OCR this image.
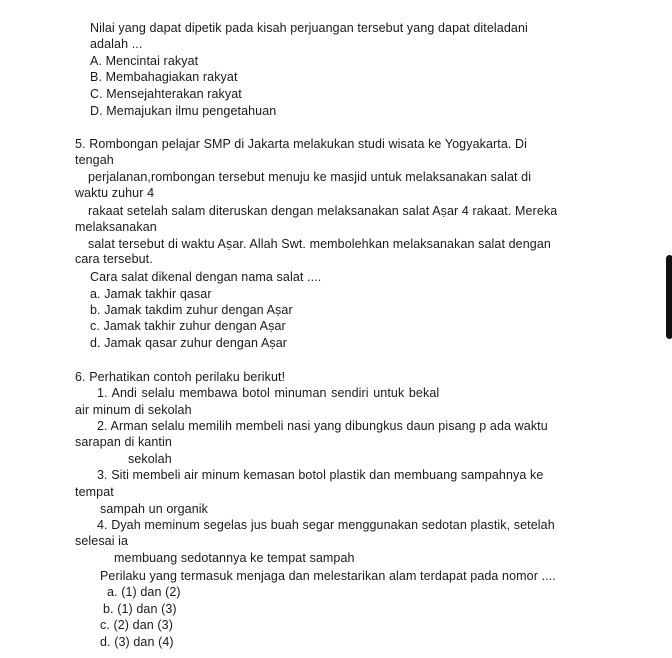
Nilai yang dapat dipetik pada kisah perjuangan tersebut yang dapat diteladani
adalah ...
A. Mencintai rakyat
B. Membahagiakan rakyat
C. Mensejahterakan rakyat
D. Memajukan ilmu pengetahuan
5. Rombongan pelajar SMP di Jakarta melakukan studi wisata ke Yogyakarta. Di
tengah
perjalanan,rombongan tersebut menuju ke masjid untuk melaksanakan salat di
waktu zuhur 4
rakaat setelah salam diteruskan dengan melaksanakan salat Aṣar 4 rakaat. Mereka
melaksanakan
salat tersebut di waktu Aṣar. Allah Swt. membolehkan melaksanakan salat dengan
cara tersebut.
Cara salat dikenal dengan nama salat ....
a. Jamak takhir qasar
b. Jamak takdim zuhur dengan Aṣar
c. Jamak takhir zuhur dengan Aṣar
d. Jamak qasar zuhur dengan Aṣar
6. Perhatikan contoh perilaku berikut!
1. Andi selalu membawa botol minuman sendiri untuk bekal
air minum di sekolah
2. Arman selalu memilih membeli nasi yang dibungkus daun pisang p ada waktu
sarapan di kantin
sekolah
3. Siti membeli air minum kemasan botol plastik dan membuang sampahnya ke
tempat
sampah un organik
4. Dyah meminum segelas jus buah segar menggunakan sedotan plastik, setelah
selesai ia
membuang sedotannya ke tempat sampah
Perilaku yang termasuk menjaga dan melestarikan alam terdapat pada nomor ....
a. (1) dan (2)
b. (1) dan (3)
c. (2) dan (3)
d. (3) dan (4)
